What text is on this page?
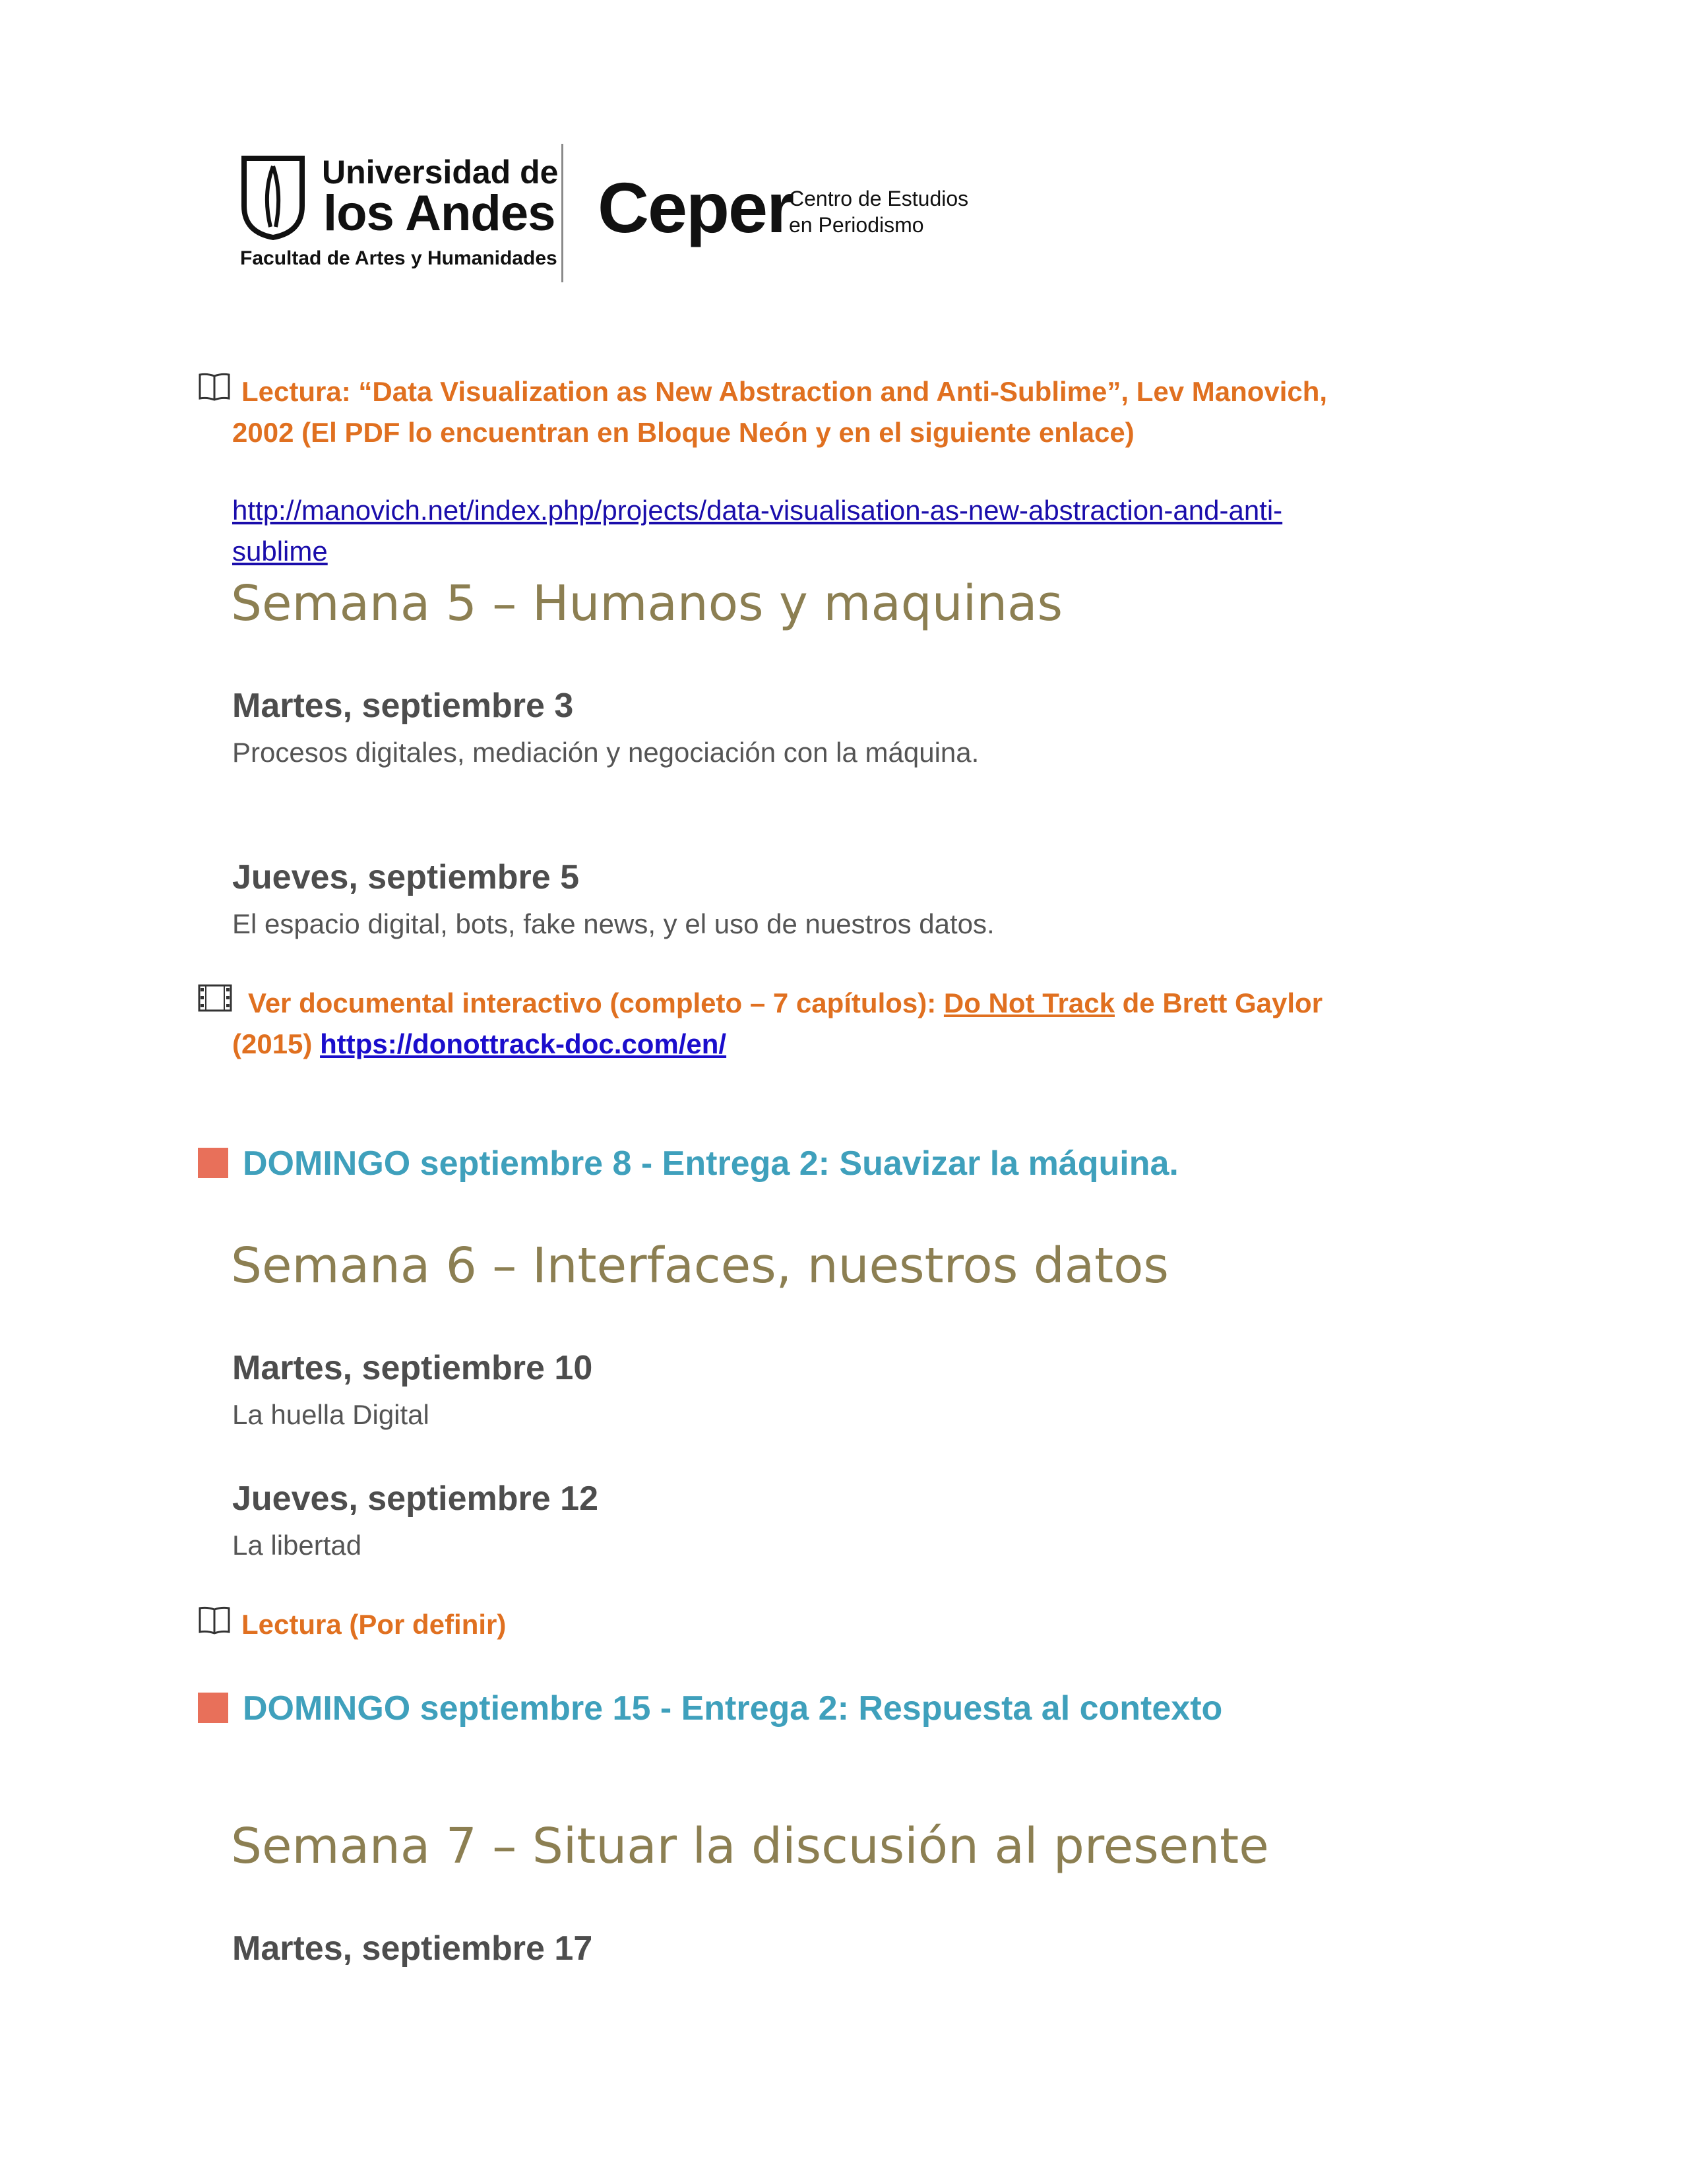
Universidad de
los Andes
Facultad de Artes y Humanidades
Ceper
Centro de Estudios
en Periodismo
Lectura: “Data Visualization as New Abstraction and Anti-Sublime”, Lev Manovich,
2002 (El PDF lo encuentran en Bloque Neón y en el siguiente enlace)
http://manovich.net/index.php/projects/data-visualisation-as-new-abstraction-and-anti-
sublime
Semana 5 – Humanos y maquinas
Martes, septiembre 3
Procesos digitales, mediación y negociación con la máquina.
Jueves, septiembre 5
El espacio digital, bots, fake news, y el uso de nuestros datos.
Ver documental interactivo (completo – 7 capítulos): Do Not Track de Brett Gaylor
(2015) https://donottrack-doc.com/en/
DOMINGO septiembre 8 - Entrega 2: Suavizar la máquina.
Semana 6 – Interfaces, nuestros datos
Martes, septiembre 10
La huella Digital
Jueves, septiembre 12
La libertad
Lectura (Por definir)
DOMINGO septiembre 15 - Entrega 2: Respuesta al contexto
Semana 7 – Situar la discusión al presente
Martes, septiembre 17
